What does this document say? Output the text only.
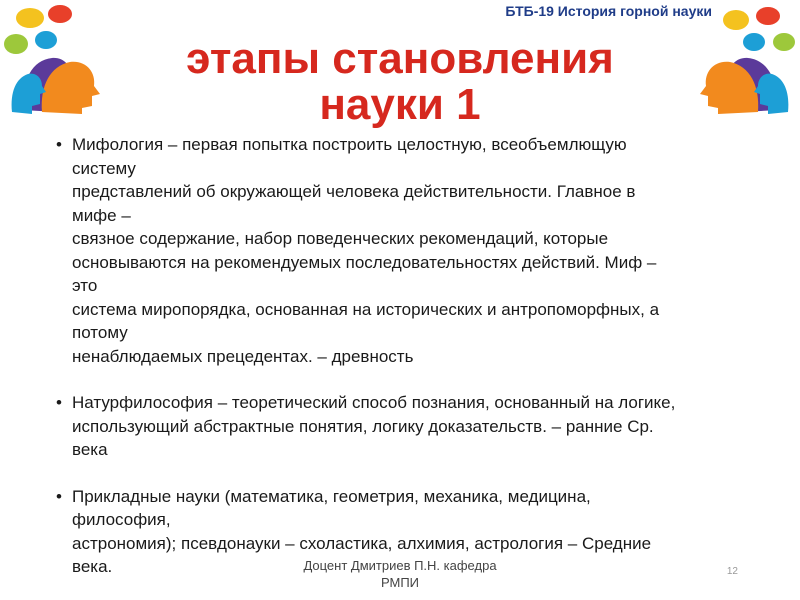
БТБ-19 История горной науки
этапы становления
науки 1
• Мифология – первая попытка построить целостную, всеобъемлющую
систему
представлений об окружающей человека действительности. Главное в
мифе –
связное содержание, набор поведенческих рекомендаций, которые
основываются на рекомендуемых последовательностях действий. Миф –
это
система миропорядка, основанная на исторических и антропоморфных, а
потому
ненаблюдаемых прецедентах. – древность
• Натурфилософия – теоретический способ познания, основанный на логике,
использующий абстрактные понятия, логику доказательств. – ранние Ср.
века
• Прикладные науки (математика, геометрия, механика, медицина,
философия,
астрономия); псевдонауки – схоластика, алхимия, астрология – Средние
века.	Доцент Дмитриев П.Н. кафедра
РМПИ
12
